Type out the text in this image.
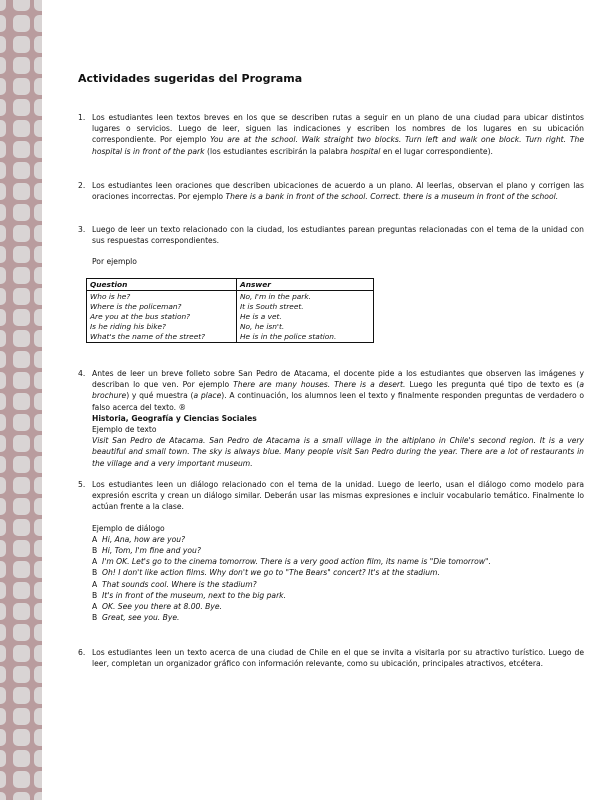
Actividades sugeridas del Programa
1. Los estudiantes leen textos breves en los que se describen rutas a seguir en un plano de una ciudad para ubicar distintos lugares o servicios. Luego de leer, siguen las indicaciones y escriben los nombres de los lugares en su ubicación correspondiente. Por ejemplo You are at the school. Walk straight two blocks. Turn left and walk one block. Turn right. The hospital is in front of the park (los estudiantes escribirán la palabra hospital en el lugar correspondiente).
2. Los estudiantes leen oraciones que describen ubicaciones de acuerdo a un plano. Al leerlas, observan el plano y corrigen las oraciones incorrectas. Por ejemplo There is a bank in front of the school. Correct. there is a museum in front of the school.
3. Luego de leer un texto relacionado con la ciudad, los estudiantes parean preguntas relacionadas con el tema de la unidad con sus respuestas correspondientes.
Por ejemplo
Question	Answer
Who is he?	No, I'm in the park.
Where is the policeman?	It is South street.
Are you at the bus station?	He is a vet.
Is he riding his bike?	No, he isn't.
What's the name of the street?	He is in the police station.
4. Antes de leer un breve folleto sobre San Pedro de Atacama, el docente pide a los estudiantes que observen las imágenes y describan lo que ven. Por ejemplo There are many houses. There is a desert. Luego les pregunta qué tipo de texto es (a brochure) y qué muestra (a place). A continuación, los alumnos leen el texto y finalmente responden preguntas de verdadero o falso acerca del texto. ®
Historia, Geografía y Ciencias Sociales
Ejemplo de texto
Visit San Pedro de Atacama. San Pedro de Atacama is a small village in the altiplano in Chile's second region. It is a very beautiful and small town. The sky is always blue. Many people visit San Pedro during the year. There are a lot of restaurants in the village and a very important museum.
5. Los estudiantes leen un diálogo relacionado con el tema de la unidad. Luego de leerlo, usan el diálogo como modelo para expresión escrita y crean un diálogo similar. Deberán usar las mismas expresiones e incluir vocabulario temático. Finalmente lo actúan frente a la clase.
Ejemplo de diálogo
A Hi, Ana, how are you?
B Hi, Tom, I'm fine and you?
A I'm OK. Let's go to the cinema tomorrow. There is a very good action film, its name is "Die tomorrow".
B Oh! I don't like action films. Why don't we go to "The Bears" concert? It's at the stadium.
A That sounds cool. Where is the stadium?
B It's in front of the museum, next to the big park.
A OK. See you there at 8.00. Bye.
B Great, see you. Bye.
6. Los estudiantes leen un texto acerca de una ciudad de Chile en el que se invita a visitarla por su atractivo turístico. Luego de leer, completan un organizador gráfico con información relevante, como su ubicación, principales atractivos, etcétera.
